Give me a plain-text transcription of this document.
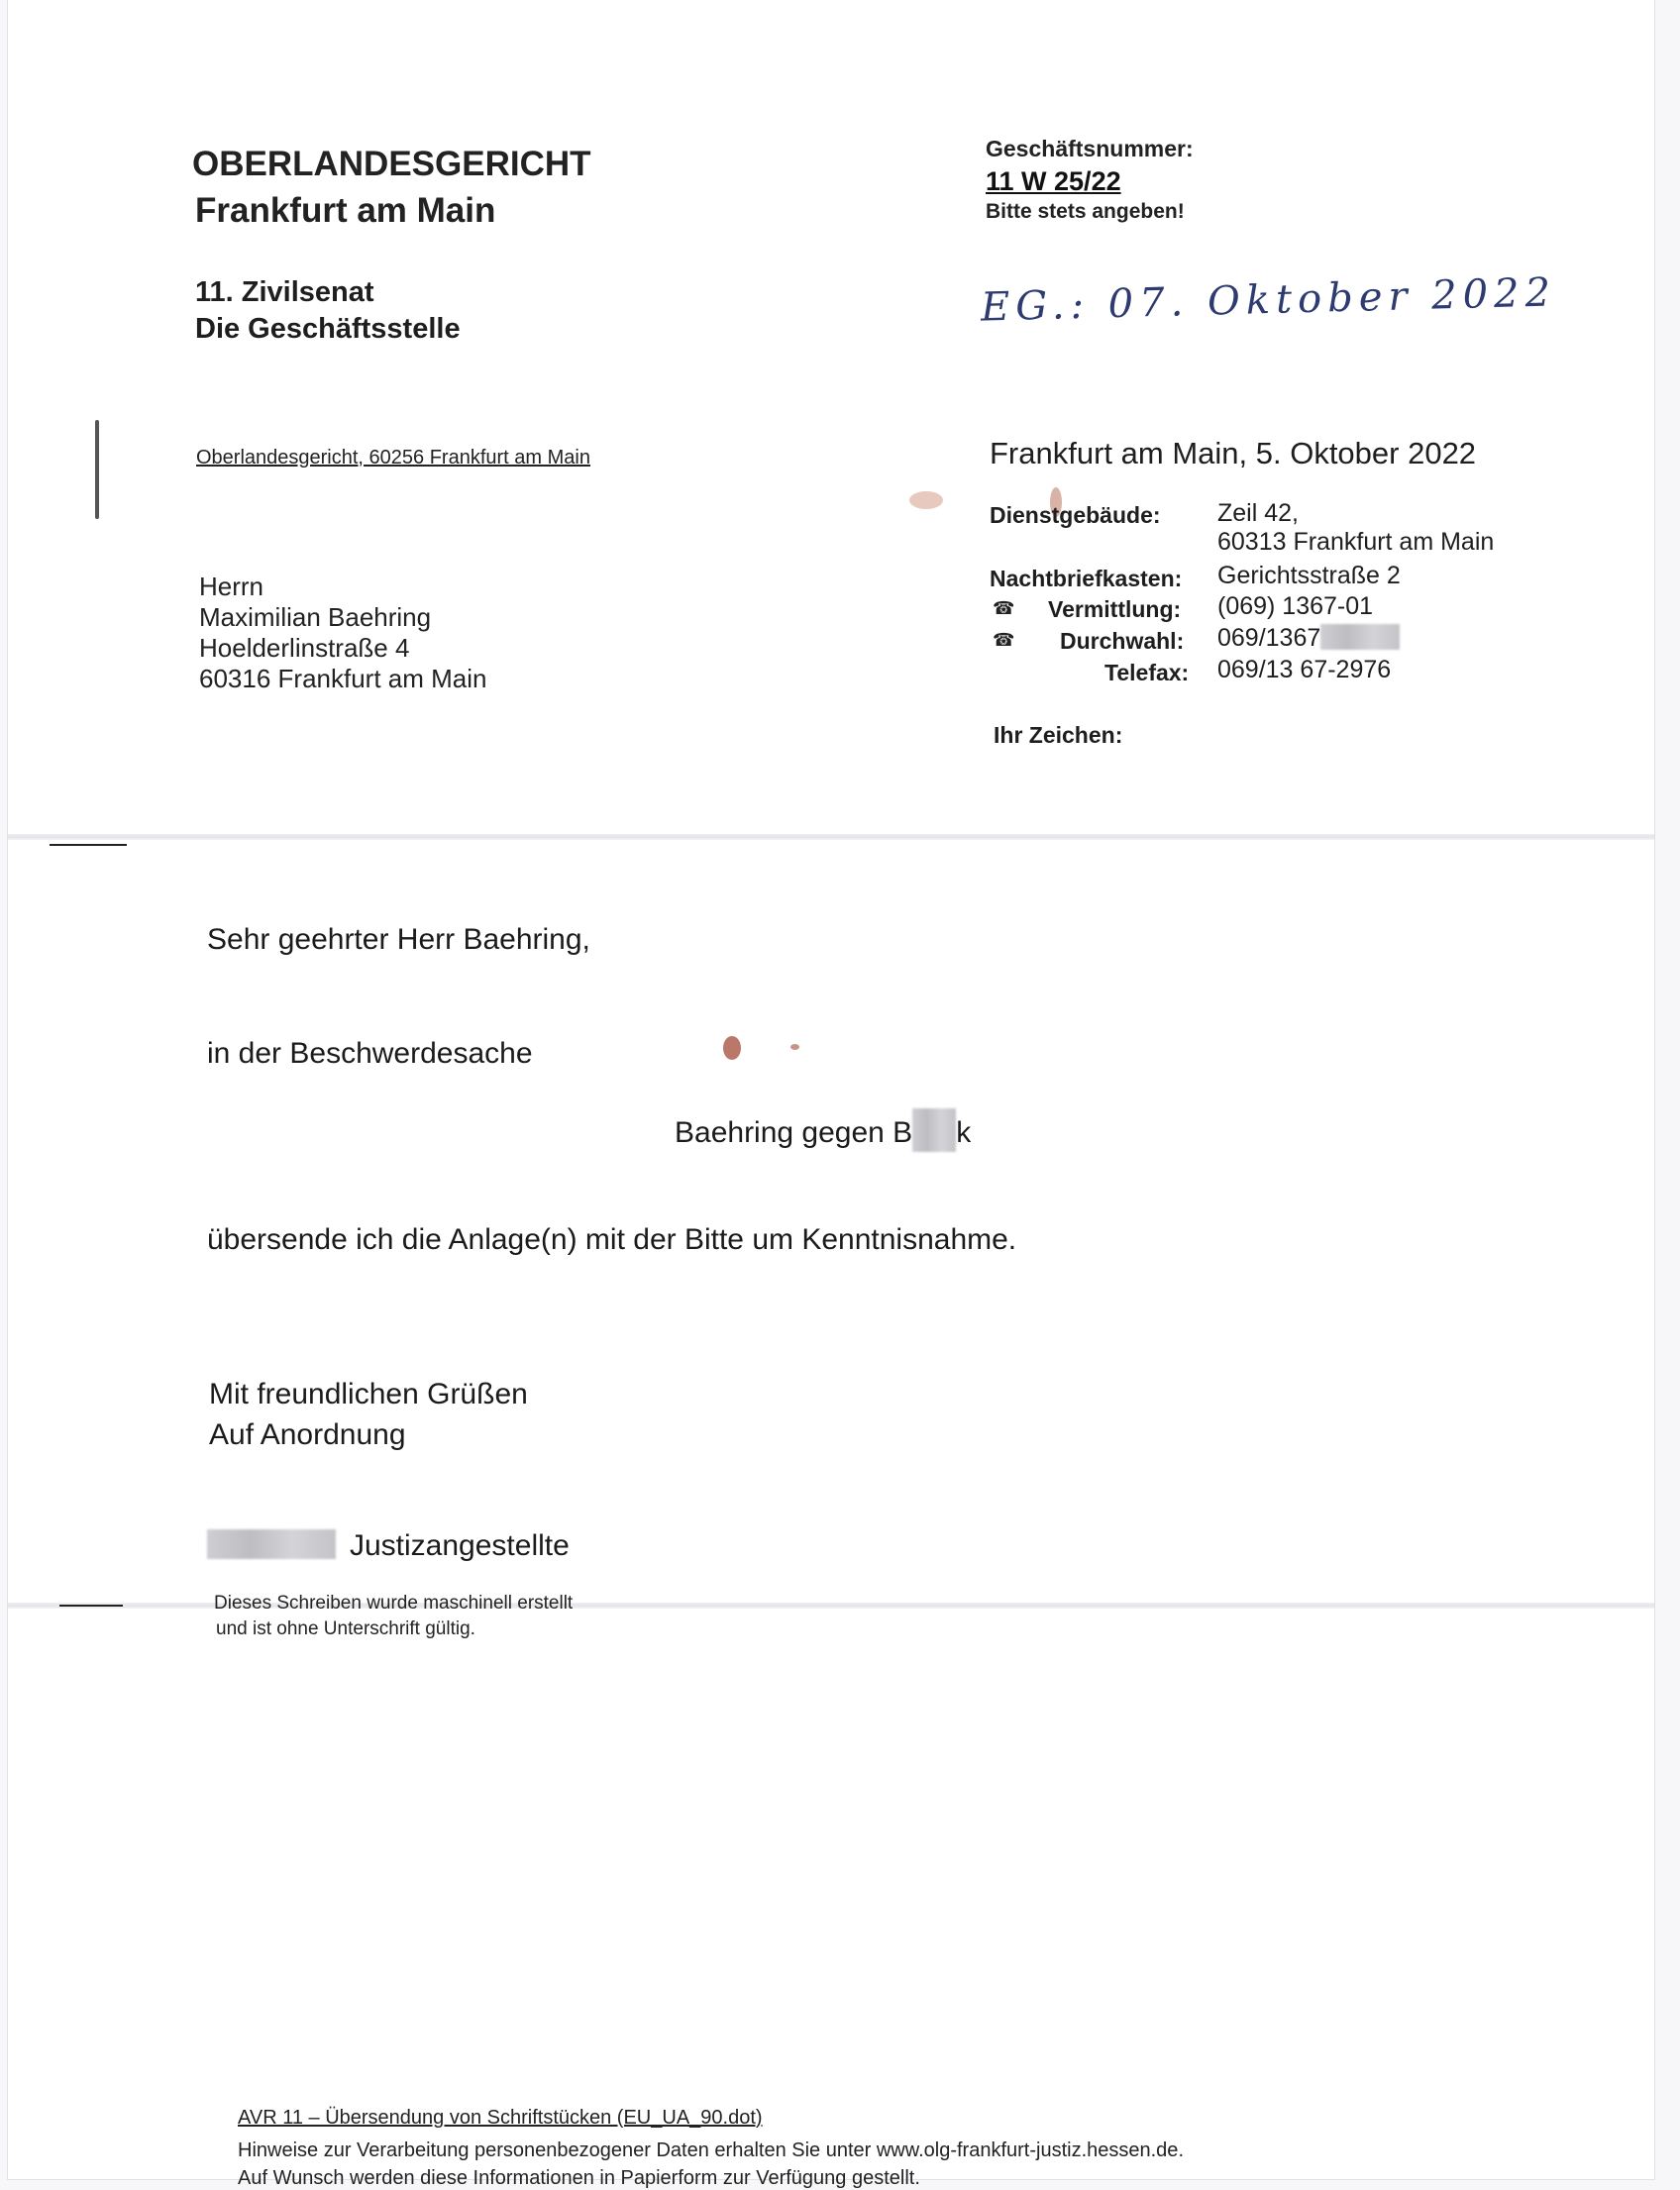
OBERLANDESGERICHT
Frankfurt am Main
11. Zivilsenat
Die Geschäftsstelle
Oberlandesgericht, 60256 Frankfurt am Main
Geschäftsnummer:
11 W 25/22
Bitte stets angeben!
EG.: 07. Oktober 2022
Herrn
Maximilian Baehring
Hoelderlinstraße 4
60316 Frankfurt am Main
Frankfurt am Main, 5. Oktober 2022
Dienstgebäude: Zeil 42,
60313 Frankfurt am Main
Nachtbriefkasten: Gerichtsstraße 2
☎ Vermittlung: (069) 1367-01
☎ Durchwahl: 069/1367
Telefax: 069/13 67-2976
Ihr Zeichen:
Sehr geehrter Herr Baehring,
in der Beschwerdesache
Baehring gegen B k
übersende ich die Anlage(n) mit der Bitte um Kenntnisnahme.
Mit freundlichen Grüßen
Auf Anordnung
Justizangestellte
Dieses Schreiben wurde maschinell erstellt
und ist ohne Unterschrift gültig.
AVR 11 – Übersendung von Schriftstücken (EU_UA_90.dot)
Hinweise zur Verarbeitung personenbezogener Daten erhalten Sie unter www.olg-frankfurt-justiz.hessen.de.
Auf Wunsch werden diese Informationen in Papierform zur Verfügung gestellt.
